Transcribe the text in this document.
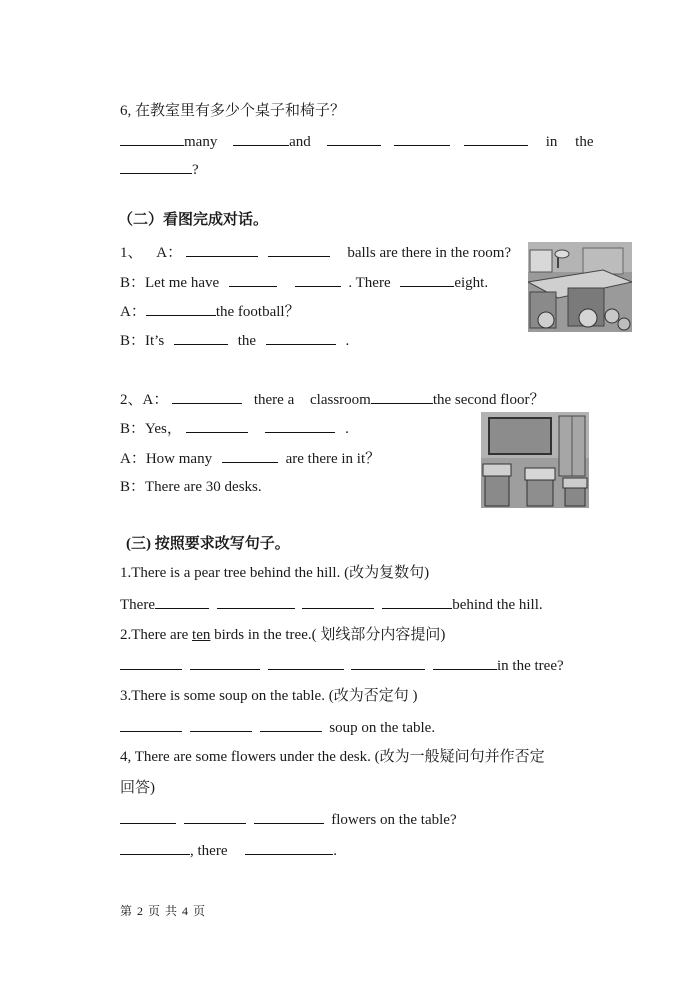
6, 在教室里有多少个桌子和椅子？
many	and	in the
?
（二）看图完成对话。
1、 A：	balls are there in the room?
B：Let me have	. There	eight.
A：	the football？
B：It’s	the	.
2、A：	there a classroom	the second floor？
B：Yes，	.
A：How many	are there in it？
B：There are 30 desks.
(三) 按照要求改写句子。
1.There is a pear tree behind the hill. (改为复数句)
There	behind the hill.
2.There are ten birds in the tree.( 划线部分内容提问)
in the tree?
3.There is some soup on the table. (改为否定句 )
soup on the table.
4, There are some flowers under the desk. (改为一般疑问句并作否定
回答)
flowers on the table?
, there	.
第 2 页 共 4 页
